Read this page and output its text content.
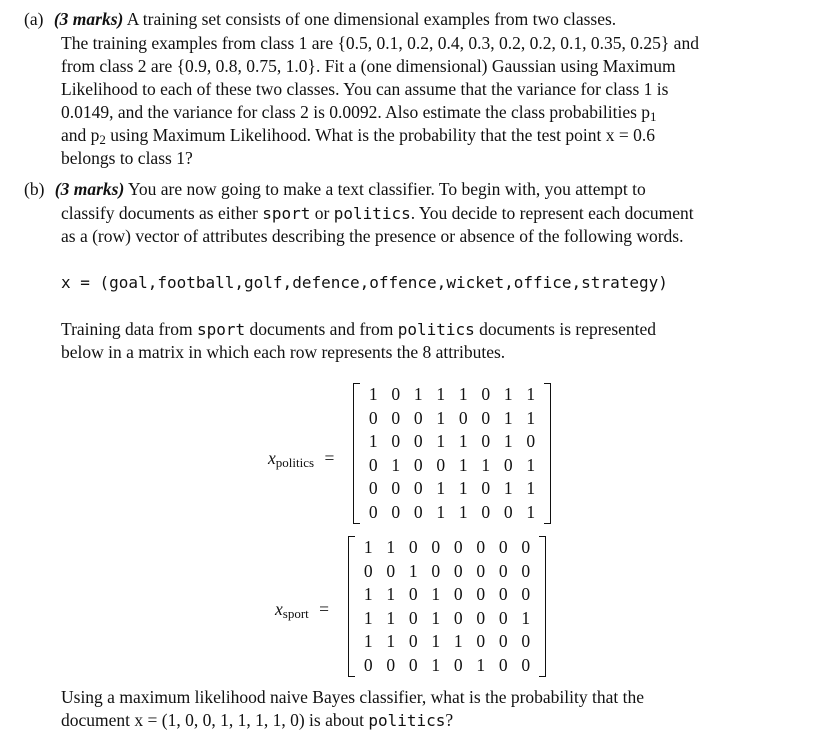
(a) (3 marks) A training set consists of one dimensional examples from two classes.
The training examples from class 1 are {0.5, 0.1, 0.2, 0.4, 0.3, 0.2, 0.2, 0.1, 0.35, 0.25} and
from class 2 are {0.9, 0.8, 0.75, 1.0}. Fit a (one dimensional) Gaussian using Maximum
Likelihood to each of these two classes. You can assume that the variance for class 1 is
0.0149, and the variance for class 2 is 0.0092. Also estimate the class probabilities $p_1$
and $p_2$ using Maximum Likelihood. What is the probability that the test point x = 0.6
belongs to class 1?
(b) (3 marks) You are now going to make a text classifier. To begin with, you attempt to
classify documents as either sport or politics. You decide to represent each document
as a (row) vector of attributes describing the presence or absence of the following words.
x = (goal,football,golf,defence,offence,wicket,office,strategy)
Training data from sport documents and from politics documents is represented
below in a matrix in which each row represents the 8 attributes.
$x_{politics}$ =
1 0 1 1 1 0 1 1
0 0 0 1 0 0 1 1
1 0 0 1 1 0 1 0
0 1 0 0 1 1 0 1
0 0 0 1 1 0 1 1
0 0 0 1 1 0 0 1
$x_{sport}$ =
1 1 0 0 0 0 0 0
0 0 1 0 0 0 0 0
1 1 0 1 0 0 0 0
1 1 0 1 0 0 0 1
1 1 0 1 1 0 0 0
0 0 0 1 0 1 0 0
Using a maximum likelihood naive Bayes classifier, what is the probability that the
document x = (1, 0, 0, 1, 1, 1, 1, 0) is about politics?
